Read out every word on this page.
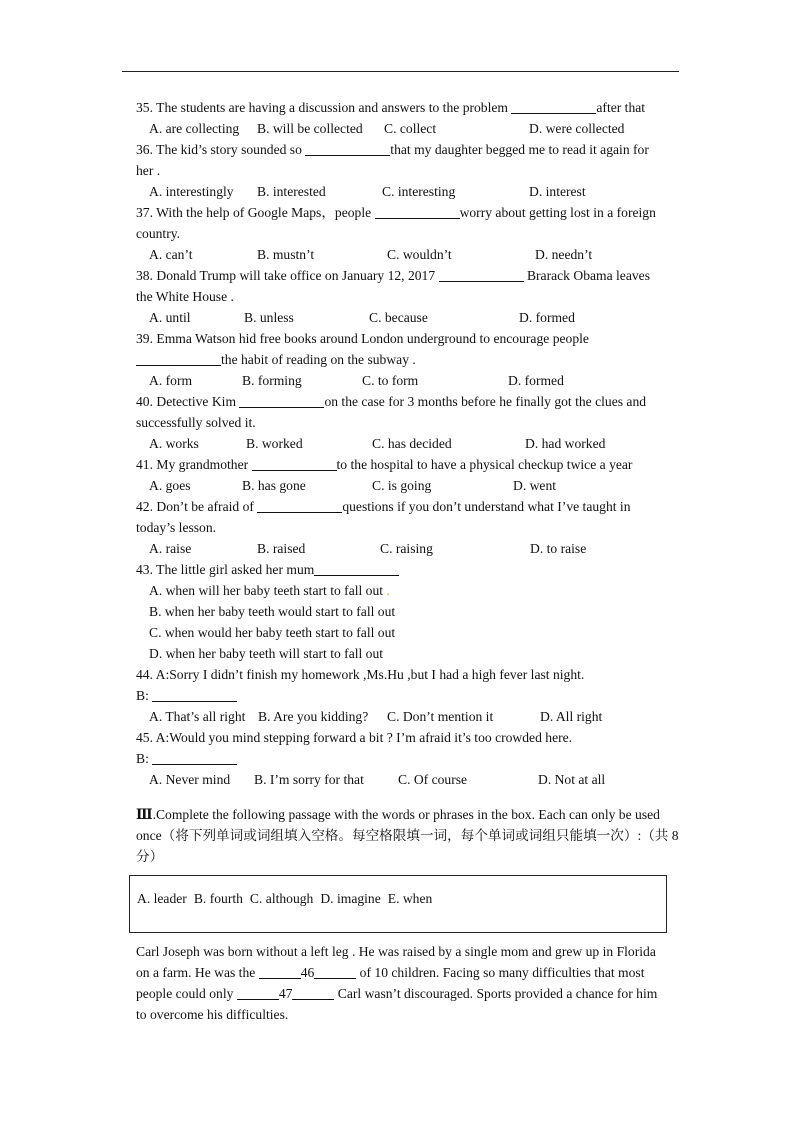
35. The students are having a discussion and answers to the problem	after that
A. are collecting B. will be collected C. collect	D. were collected
36. The kid’s story sounded so	that my daughter begged me to read it again for
her .
A. interestingly B. interested	C. interesting	D. interest
37. With the help of Google Maps，people	worry about getting lost in a foreign
country.
A. can’t	B. mustn’t	C. wouldn’t	D. needn’t
38. Donald Trump will take office on January 12, 2017	Brarack Obama leaves
the White House .
A. until	B. unless	C. because	D. formed
39. Emma Watson hid free books around London underground to encourage people
the habit of reading on the subway .
A. form	B. forming	C. to form	D. formed
40. Detective Kim	on the case for 3 months before he finally got the clues and
successfully solved it.
A. works	B. worked	C. has decided	D. had worked
41. My grandmother	to the hospital to have a physical checkup twice a year
A. goes	B. has gone	C. is going	D. went
42. Don’t be afraid of	questions if you don’t understand what I’ve taught in
today’s lesson.
A. raise	B. raised	C. raising	D. to raise
43. The little girl asked her mum
A. when will her baby teeth start to fall out .
B. when her baby teeth would start to fall out
C. when would her baby teeth start to fall out
D. when her baby teeth will start to fall out
44. A:Sorry I didn’t finish my homework ,Ms.Hu ,but I had a high fever last night.
B:
A. That’s all right B. Are you kidding? C. Don’t mention it	D. All right
45. A:Would you mind stepping forward a bit ? I’m afraid it’s too crowded here.
B:
A. Never mind B. I’m sorry for that	C. Of course	D. Not at all
Ⅲ.Complete the following passage with the words or phrases in the box. Each can only be used
once（将下列单词或词组填入空格。每空格限填一词，每个单词或词组只能填一次）:（共 8
分）
A. leader B. fourth C. although D. imagine E. when
Carl Joseph was born without a left leg . He was raised by a single mom and grew up in Florida
on a farm. He was the	46	of 10 children. Facing so many difficulties that most
people could only	47	Carl wasn’t discouraged. Sports provided a chance for him
to overcome his difficulties.
